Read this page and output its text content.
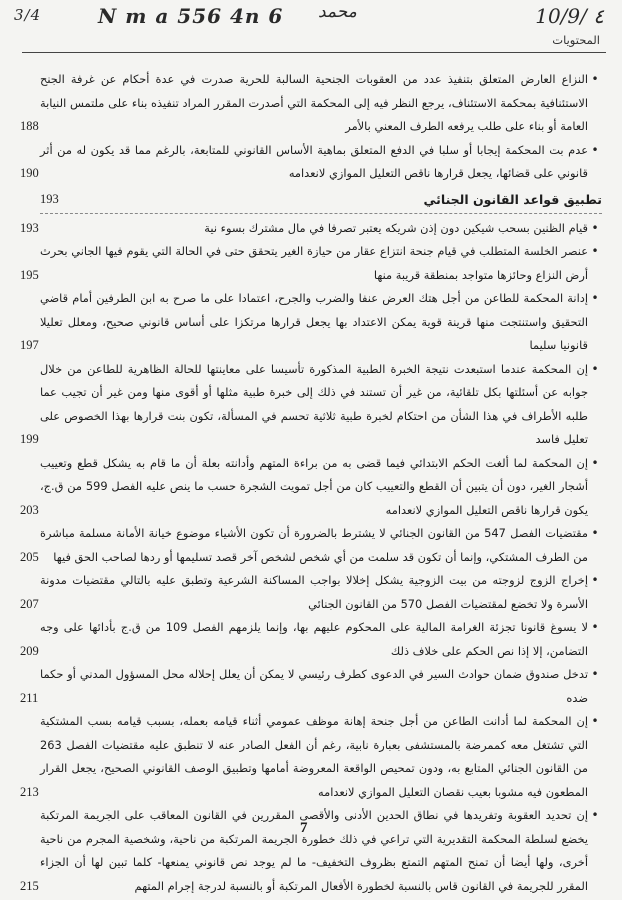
3/4	N m a 556 4n 6 محمد	10/9/ ٤
المحتويات
•
النزاع العارض المتعلق بتنفيذ عدد من العقوبات الجنحية السالبة للحرية صدرت في عدة أحكام عن غرفة الجنح الاستئنافية بمحكمة الاستئناف، يرجع النظر فيه إلى المحكمة التي أصدرت المقرر المراد تنفيذه بناء على ملتمس النيابة العامة أو بناء على طلب يرفعه الطرف المعني بالأمر
188
•
عدم بت المحكمة إيجابا أو سلبا في الدفع المتعلق بماهية الأساس القانوني للمتابعة، بالرغم مما قد يكون له من أثر قانوني على قضائها، يجعل قرارها ناقص التعليل الموازي لانعدامه
190
تطبيق قواعد القانون الجنائي
193
•
قيام الظنين بسحب شيكين دون إذن شريكه يعتبر تصرفا في مال مشترك بسوء نية
193
•
عنصر الخلسة المتطلب في قيام جنحة انتزاع عقار من حيازة الغير يتحقق حتى في الحالة التي يقوم فيها الجاني بحرث أرض النزاع وحائزها متواجد بمنطقة قريبة منها
195
•
إدانة المحكمة للطاعن من أجل هتك العرض عنفا والضرب والجرح، اعتمادا على ما صرح به ابن الطرفين أمام قاضي التحقيق واستنتجت منها قرينة قوية يمكن الاعتداد بها يجعل قرارها مرتكزا على أساس قانوني صحيح، ومعلل تعليلا قانونيا سليما
197
•
إن المحكمة عندما استبعدت نتيجة الخبرة الطبية المذكورة تأسيسا على معاينتها للحالة الظاهرية للطاعن من خلال جوابه عن أسئلتها بكل تلقائية، من غير أن تستند في ذلك إلى خبرة طبية مثلها أو أقوى منها ومن غير أن تجيب عما طلبه الأطراف في هذا الشأن من احتكام لخبرة طبية ثلاثية تحسم في المسألة، تكون بنت قرارها بهذا الخصوص على تعليل فاسد
199
•
إن المحكمة لما ألغت الحكم الابتدائي فيما قضى به من براءة المتهم وأدانته بعلة أن ما قام به يشكل قطع وتعييب أشجار الغير، دون أن يتبين أن القطع والتعييب كان من أجل تمويت الشجرة حسب ما ينص عليه الفصل 599 من ق.ج، يكون قرارها ناقص التعليل الموازي لانعدامه
203
•
مقتضيات الفصل 547 من القانون الجنائي لا يشترط بالضرورة أن تكون الأشياء موضوع خيانة الأمانة مسلمة مباشرة من الطرف المشتكي، وإنما أن تكون قد سلمت من أي شخص لشخص آخر قصد تسليمها أو ردها لصاحب الحق فيها
205
•
إخراج الزوج لزوجته من بيت الزوجية يشكل إخلالا بواجب المساكنة الشرعية وتطبق عليه بالتالي مقتضيات مدونة الأسرة ولا تخضع لمقتضيات الفصل 570 من القانون الجنائي
207
•
لا يسوغ قانونا تجزئة الغرامة المالية على المحكوم عليهم بها، وإنما يلزمهم الفصل 109 من ق.ج بأدائها على وجه التضامن، إلا إذا نص الحكم على خلاف ذلك
209
•
تدخل صندوق ضمان حوادث السير في الدعوى كطرف رئيسي لا يمكن أن يعلل إحلاله محل المسؤول المدني أو حكما ضده
211
•
إن المحكمة لما أدانت الطاعن من أجل جنحة إهانة موظف عمومي أثناء قيامه بعمله، بسبب قيامه بسب المشتكية التي تشتغل معه كممرضة بالمستشفى بعبارة نابية، رغم أن الفعل الصادر عنه لا تنطبق عليه مقتضيات الفصل 263 من القانون الجنائي المتابع به، ودون تمحيص الواقعة المعروضة أمامها وتطبيق الوصف القانوني الصحيح، يجعل القرار المطعون فيه مشوبا بعيب نقصان التعليل الموازي لانعدامه
213
•
إن تحديد العقوبة وتفريدها في نطاق الحدين الأدنى والأقصى المقررين في القانون المعاقب على الجريمة المرتكبة يخضع لسلطة المحكمة التقديرية التي تراعي في ذلك خطورة الجريمة المرتكبة من ناحية، وشخصية المجرم من ناحية أخرى، ولها أيضا أن تمنح المتهم التمتع بظروف التخفيف- ما لم يوجد نص قانوني يمنعها- كلما تبين لها أن الجزاء المقرر للجريمة في القانون قاس بالنسبة لخطورة الأفعال المرتكبة أو بالنسبة لدرجة إجرام المتهم
215
7
